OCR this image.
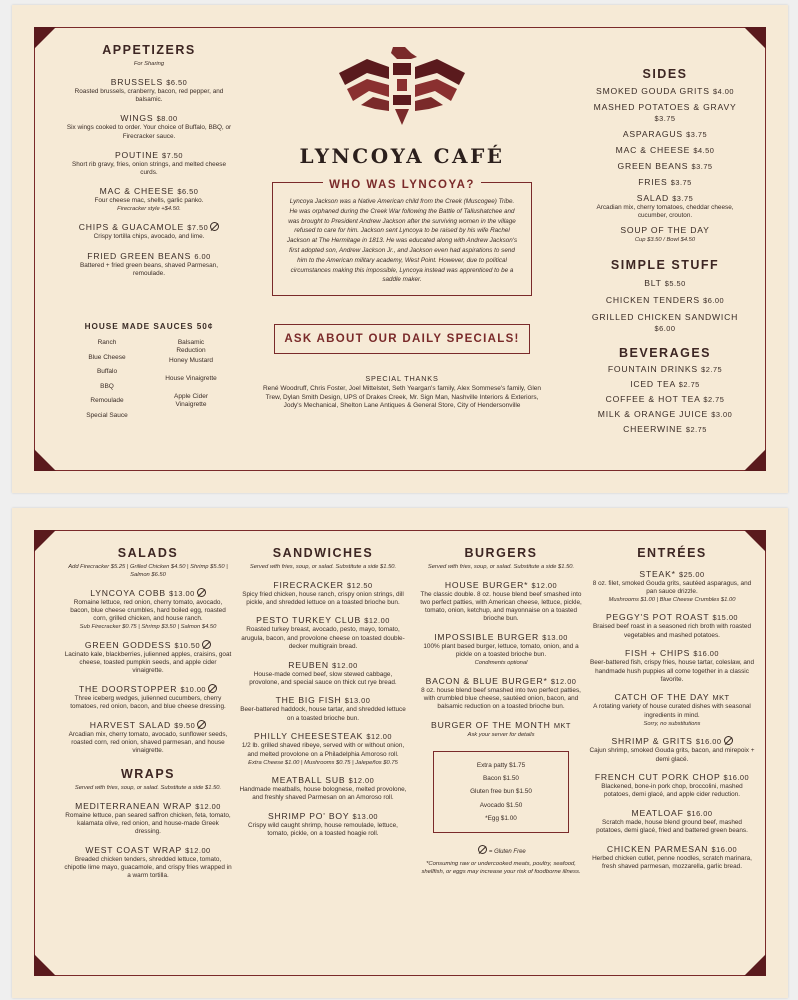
APPETIZERS
For Sharing
BRUSSELS $6.50
Roasted brussels, cranberry, bacon, red pepper, and balsamic.
WINGS $8.00
Six wings cooked to order. Your choice of Buffalo, BBQ, or Firecracker sauce.
POUTINE $7.50
Short rib gravy, fries, onion strings, and melted cheese curds.
MAC & CHEESE $6.50
Four cheese mac, shells, garlic panko.
Firecracker style +$4.50.
CHIPS & GUACAMOLE $7.50
Crispy tortilla chips, avocado, and lime.
FRIED GREEN BEANS 6.00
Battered + fried green beans, shaved Parmesan, remoulade.
HOUSE MADE SAUCES 50¢
Ranch
Blue Cheese
Buffalo
BBQ
Remoulade
Special Sauce
Balsamic Reduction
Honey Mustard
House Vinaigrette
Apple Cider Vinaigrette
LYNCOYA CAFÉ
WHO WAS LYNCOYA?
Lyncoya Jackson was a Native American child from the Creek (Muscogee) Tribe. He was orphaned during the Creek War following the Battle of Tallushatchee and was brought to President Andrew Jackson after the surviving women in the village refused to care for him. Jackson sent Lyncoya to be raised by his wife Rachel Jackson at The Hermitage in 1813. He was educated along with Andrew Jackson's first adopted son, Andrew Jackson Jr., and Jackson even had aspirations to send him to the American military academy, West Point. However, due to political circumstances making this impossible, Lyncoya instead was apprenticed to be a saddle maker.
ASK ABOUT OUR DAILY SPECIALS!
SPECIAL THANKS
René Woodruff, Chris Foster, Joel Mittelstet, Seth Yeargan's family, Alex Sommese's family, Glen Trew, Dylan Smith Design, UPS of Drakes Creek, Mr. Sign Man, Nashville Interiors & Exteriors, Jody's Mechanical, Shelton Lane Antiques & General Store, City of Hendersonville
SIDES
SMOKED GOUDA GRITS $4.00
MASHED POTATOES & GRAVY $3.75
ASPARAGUS $3.75
MAC & CHEESE $4.50
GREEN BEANS $3.75
FRIES $3.75
SALAD $3.75
Arcadian mix, cherry tomatoes, cheddar cheese, cucumber, crouton.
SOUP OF THE DAY
Cup $3.50 / Bowl $4.50
SIMPLE STUFF
BLT $5.50
CHICKEN TENDERS $6.00
GRILLED CHICKEN SANDWICH $6.00
BEVERAGES
FOUNTAIN DRINKS $2.75
ICED TEA $2.75
COFFEE & HOT TEA $2.75
MILK & ORANGE JUICE $3.00
CHEERWINE $2.75
SALADS
Add Firecracker $5.25 | Grilled Chicken $4.50 | Shrimp $5.50 | Salmon $6.50
LYNCOYA COBB $13.00
Romaine lettuce, red onion, cherry tomato, avocado, bacon, blue cheese crumbles, hard boiled egg, roasted corn, grilled chicken, and house ranch.
Sub Firecracker $0.75 | Shrimp $3.50 | Salmon $4.50
GREEN GODDESS $10.50
Lacinato kale, blackberries, julienned apples, craisins, goat cheese, toasted pumpkin seeds, and apple cider vinaigrette.
THE DOORSTOPPER $10.00
Three iceberg wedges, julienned cucumbers, cherry tomatoes, red onion, bacon, and blue cheese dressing.
HARVEST SALAD $9.50
Arcadian mix, cherry tomato, avocado, sunflower seeds, roasted corn, red onion, shaved parmesan, and house vinaigrette.
WRAPS
Served with fries, soup, or salad. Substitute a side $1.50.
MEDITERRANEAN WRAP $12.00
Romaine lettuce, pan seared saffron chicken, feta, tomato, kalamata olive, red onion, and house-made Greek dressing.
WEST COAST WRAP $12.00
Breaded chicken tenders, shredded lettuce, tomato, chipotle lime mayo, guacamole, and crispy fries wrapped in a warm tortilla.
SANDWICHES
Served with fries, soup, or salad. Substitute a side $1.50.
FIRECRACKER $12.50
Spicy fried chicken, house ranch, crispy onion strings, dill pickle, and shredded lettuce on a toasted brioche bun.
PESTO TURKEY CLUB $12.00
Roasted turkey breast, avocado, pesto, mayo, tomato, arugula, bacon, and provolone cheese on toasted double-decker multigrain bread.
REUBEN $12.00
House-made corned beef, slow stewed cabbage, provolone, and special sauce on thick cut rye bread.
THE BIG FISH $13.00
Beer-battered haddock, house tartar, and shredded lettuce on a toasted brioche bun.
PHILLY CHEESESTEAK $12.00
1/2 lb. grilled shaved ribeye, served with or without onion, and melted provolone on a Philadelphia Amoroso roll.
Extra Cheese $1.00 | Mushrooms $0.75 | Jalepeños $0.75
MEATBALL SUB $12.00
Handmade meatballs, house bolognese, melted provolone, and freshly shaved Parmesan on an Amoroso roll.
SHRIMP PO' BOY $13.00
Crispy wild caught shrimp, house remoulade, lettuce, tomato, pickle, on a toasted hoagie roll.
BURGERS
Served with fries, soup, or salad. Substitute a side $1.50.
HOUSE BURGER* $12.00
The classic double. 8 oz. house blend beef smashed into two perfect patties, with American cheese, lettuce, pickle, tomato, onion, ketchup, and mayonnaise on a toasted brioche bun.
IMPOSSIBLE BURGER $13.00
100% plant based burger, lettuce, tomato, onion, and a pickle on a toasted brioche bun.
Condiments optional
BACON & BLUE BURGER* $12.00
8 oz. house blend beef smashed into two perfect patties, with crumbled blue cheese, sautéed onion, bacon, and balsamic reduction on a toasted brioche bun.
BURGER OF THE MONTH MKT
Ask your server for details
Extra patty $1.75
Bacon $1.50
Gluten free bun $1.50
Avocado $1.50
*Egg $1.00
= Gluten Free
*Consuming raw or undercooked meats, poultry, seafood, shellfish, or eggs may increase your risk of foodborne illness.
ENTRÉES
STEAK* $25.00
8 oz. filet, smoked Gouda grits, sautéed asparagus, and pan sauce drizzle.
Mushrooms $1.00 | Blue Cheese Crumbles $1.00
PEGGY'S POT ROAST $15.00
Braised beef roast in a seasoned rich broth with roasted vegetables and mashed potatoes.
FISH + CHIPS $16.00
Beer-battered fish, crispy fries, house tartar, coleslaw, and handmade hush puppies all come together in a classic favorite.
CATCH OF THE DAY MKT
A rotating variety of house curated dishes with seasonal ingredients in mind.
Sorry, no substitutions
SHRIMP & GRITS $16.00
Cajun shrimp, smoked Gouda grits, bacon, and mirepoix + demi glacé.
FRENCH CUT PORK CHOP $16.00
Blackened, bone-in pork chop, broccolini, mashed potatoes, demi glacé, and apple cider reduction.
MEATLOAF $16.00
Scratch made, house blend ground beef, mashed potatoes, demi glacé, fried and battered green beans.
CHICKEN PARMESAN $16.00
Herbed chicken cutlet, penne noodles, scratch marinara, fresh shaved parmesan, mozzarella, garlic bread.
